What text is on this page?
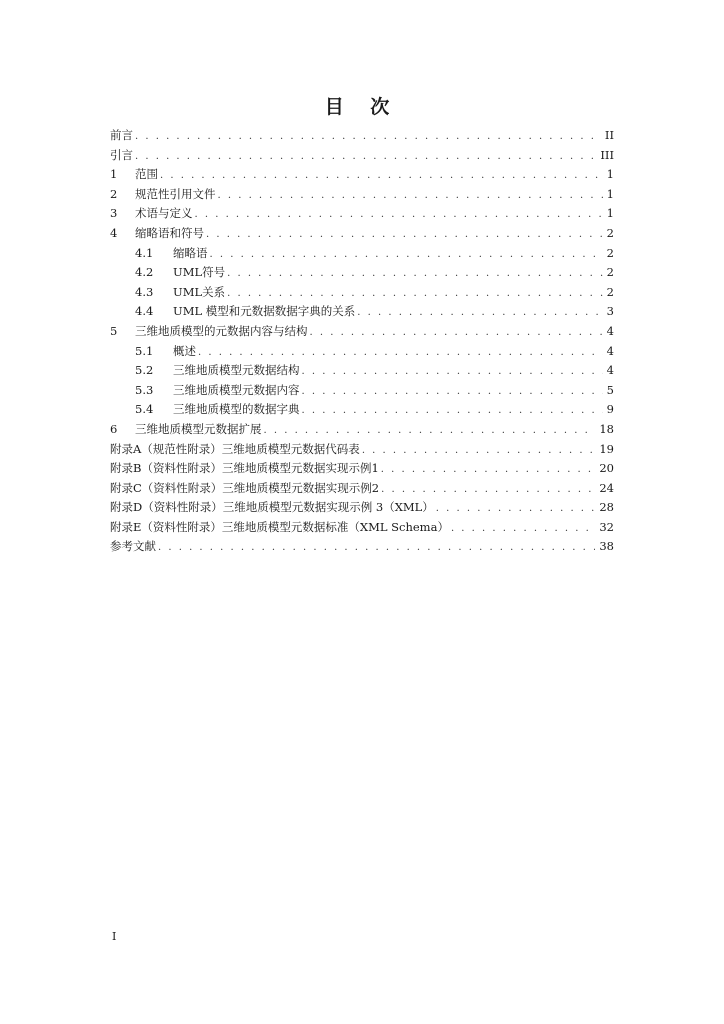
目 次
前言 . . .	II
引言 . . .	III
1	范围 . . .	1
2	规范性引用文件 . . .	1
3	术语与定义 . . .	1
4	缩略语和符号 . . .	2
4.1	缩略语 . . .	2
4.2	UML符号 . . .	2
4.3	UML关系 . . .	2
4.4	UML 模型和元数据数据字典的关系 . . .	3
5	三维地质模型的元数据内容与结构 . . .	4
5.1	概述 . . .	4
5.2	三维地质模型元数据结构 . . .	4
5.3	三维地质模型元数据内容 . . .	5
5.4	三维地质模型的数据字典 . . .	9
6	三维地质模型元数据扩展 . . .	18
附录A（规范性附录）三维地质模型元数据代码表 . . .	19
附录B（资料性附录）三维地质模型元数据实现示例1 . . .	20
附录C（资料性附录）三维地质模型元数据实现示例2 . . .	24
附录D（资料性附录）三维地质模型元数据实现示例 3（XML） . . .	28
附录E（资料性附录）三维地质模型元数据标准（XML Schema） . . .	32
参考文献 . . .	38
I
